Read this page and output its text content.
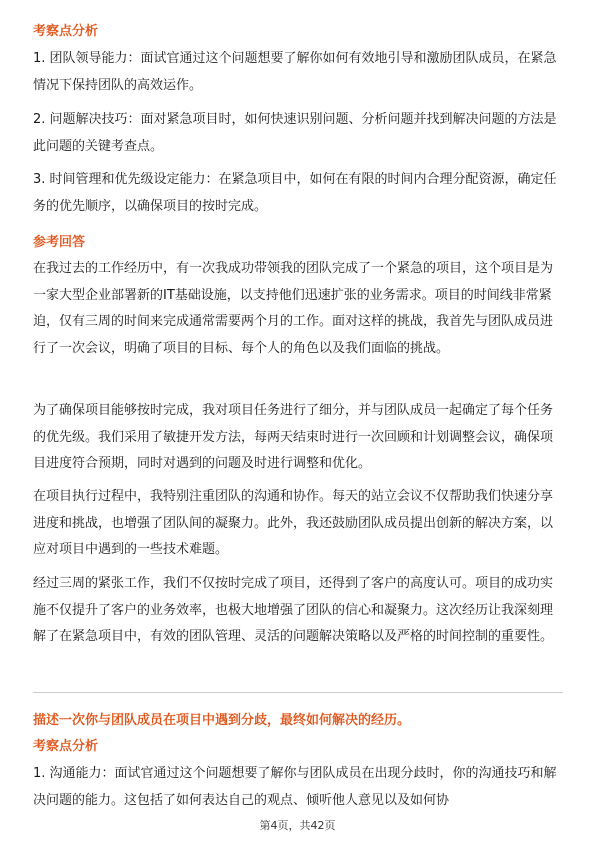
考察点分析

1. 团队领导能力：面试官通过这个问题想要了解你如何有效地引导和激励团队成员，在紧急情况下保持团队的高效运作。

2. 问题解决技巧：面对紧急项目时，如何快速识别问题、分析问题并找到解决问题的方法是此问题的关键考查点。

3. 时间管理和优先级设定能力：在紧急项目中，如何在有限的时间内合理分配资源，确定任务的优先顺序，以确保项目的按时完成。

参考回答

在我过去的工作经历中，有一次我成功带领我的团队完成了一个紧急的项目，这个项目是为一家大型企业部署新的IT基础设施，以支持他们迅速扩张的业务需求。项目的时间线非常紧迫，仅有三周的时间来完成通常需要两个月的工作。面对这样的挑战，我首先与团队成员进行了一次会议，明确了项目的目标、每个人的角色以及我们面临的挑战。

为了确保项目能够按时完成，我对项目任务进行了细分，并与团队成员一起确定了每个任务的优先级。我们采用了敏捷开发方法，每两天结束时进行一次回顾和计划调整会议，确保项目进度符合预期，同时对遇到的问题及时进行调整和优化。

在项目执行过程中，我特别注重团队的沟通和协作。每天的站立会议不仅帮助我们快速分享进度和挑战，也增强了团队间的凝聚力。此外，我还鼓励团队成员提出创新的解决方案，以应对项目中遇到的一些技术难题。

经过三周的紧张工作，我们不仅按时完成了项目，还得到了客户的高度认可。项目的成功实施不仅提升了客户的业务效率，也极大地增强了团队的信心和凝聚力。这次经历让我深刻理解了在紧急项目中，有效的团队管理、灵活的问题解决策略以及严格的时间控制的重要性。

描述一次你与团队成员在项目中遇到分歧，最终如何解决的经历。
考察点分析

1. 沟通能力：面试官通过这个问题想要了解你与团队成员在出现分歧时，你的沟通技巧和解决问题的能力。这包括了如何表达自己的观点、倾听他人意见以及如何协

第4页，共42页
